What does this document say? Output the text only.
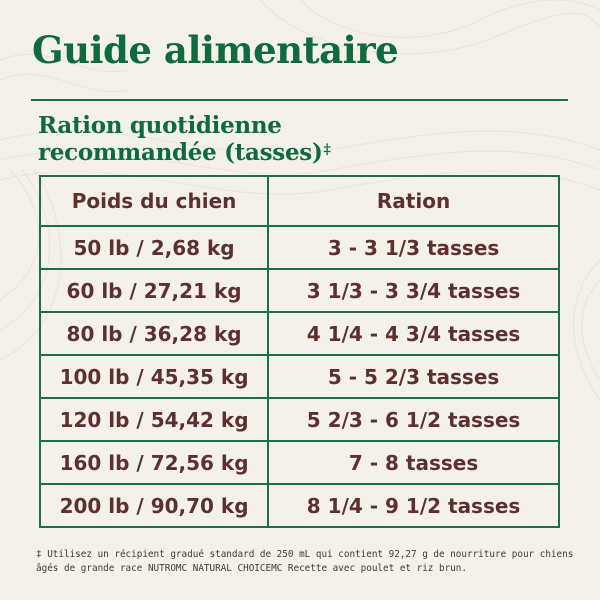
Guide alimentaire
Ration quotidienne
recommandée (tasses)‡
Poids du chien	Ration
50 lb / 2,68 kg	3 - 3 1/3 tasses
60 lb / 27,21 kg	3 1/3 - 3 3/4 tasses
80 lb / 36,28 kg	4 1/4 - 4 3/4 tasses
100 lb / 45,35 kg	5 - 5 2/3 tasses
120 lb / 54,42 kg	5 2/3 - 6 1/2 tasses
160 lb / 72,56 kg	7 - 8 tasses
200 lb / 90,70 kg	8 1/4 - 9 1/2 tasses

‡ Utilisez un récipient gradué standard de 250 mL qui contient 92,27 g de nourriture pour chiens âgés de grande race NUTROMC NATURAL CHOICEMC Recette avec poulet et riz brun.
